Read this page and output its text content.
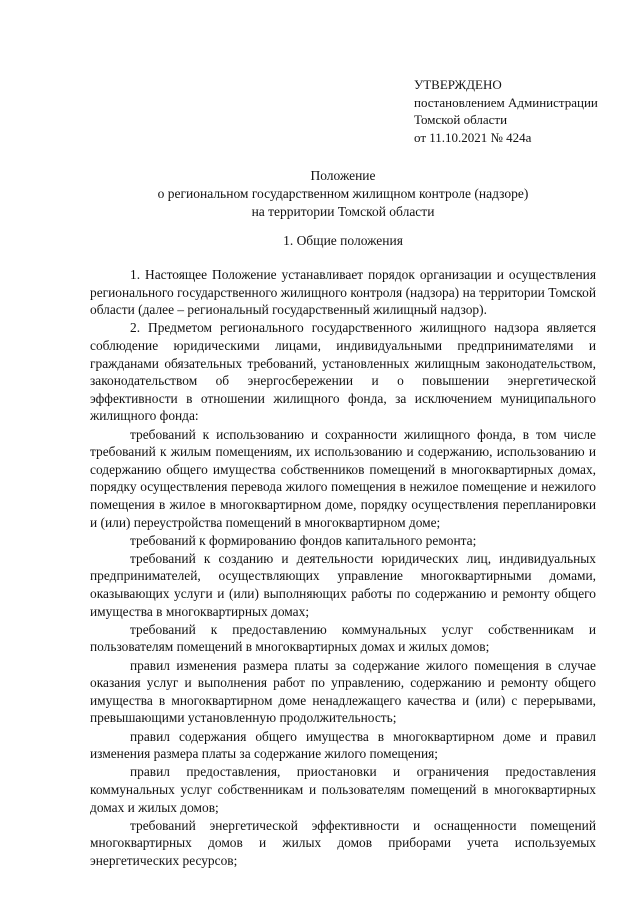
УТВЕРЖДЕНО
постановлением Администрации
Томской области
от 11.10.2021 № 424а
Положение
о региональном государственном жилищном контроле (надзоре)
на территории Томской области
1. Общие положения

1. Настоящее Положение устанавливает порядок организации и осуществления регионального государственного жилищного контроля (надзора) на территории Томской области (далее – региональный государственный жилищный надзор).

2. Предметом регионального государственного жилищного надзора является соблюдение юридическими лицами, индивидуальными предпринимателями и гражданами обязательных требований, установленных жилищным законодательством, законодательством об энергосбережении и о повышении энергетической эффективности в отношении жилищного фонда, за исключением муниципального жилищного фонда:

требований к использованию и сохранности жилищного фонда, в том числе требований к жилым помещениям, их использованию и содержанию, использованию и содержанию общего имущества собственников помещений в многоквартирных домах, порядку осуществления перевода жилого помещения в нежилое помещение и нежилого помещения в жилое в многоквартирном доме, порядку осуществления перепланировки и (или) переустройства помещений в многоквартирном доме;

требований к формированию фондов капитального ремонта;

требований к созданию и деятельности юридических лиц, индивидуальных предпринимателей, осуществляющих управление многоквартирными домами, оказывающих услуги и (или) выполняющих работы по содержанию и ремонту общего имущества в многоквартирных домах;

требований к предоставлению коммунальных услуг собственникам и пользователям помещений в многоквартирных домах и жилых домов;

правил изменения размера платы за содержание жилого помещения в случае оказания услуг и выполнения работ по управлению, содержанию и ремонту общего имущества в многоквартирном доме ненадлежащего качества и (или) с перерывами, превышающими установленную продолжительность;

правил содержания общего имущества в многоквартирном доме и правил изменения размера платы за содержание жилого помещения;

правил предоставления, приостановки и ограничения предоставления коммунальных услуг собственникам и пользователям помещений в многоквартирных домах и жилых домов;

требований энергетической эффективности и оснащенности помещений многоквартирных домов и жилых домов приборами учета используемых энергетических ресурсов;
